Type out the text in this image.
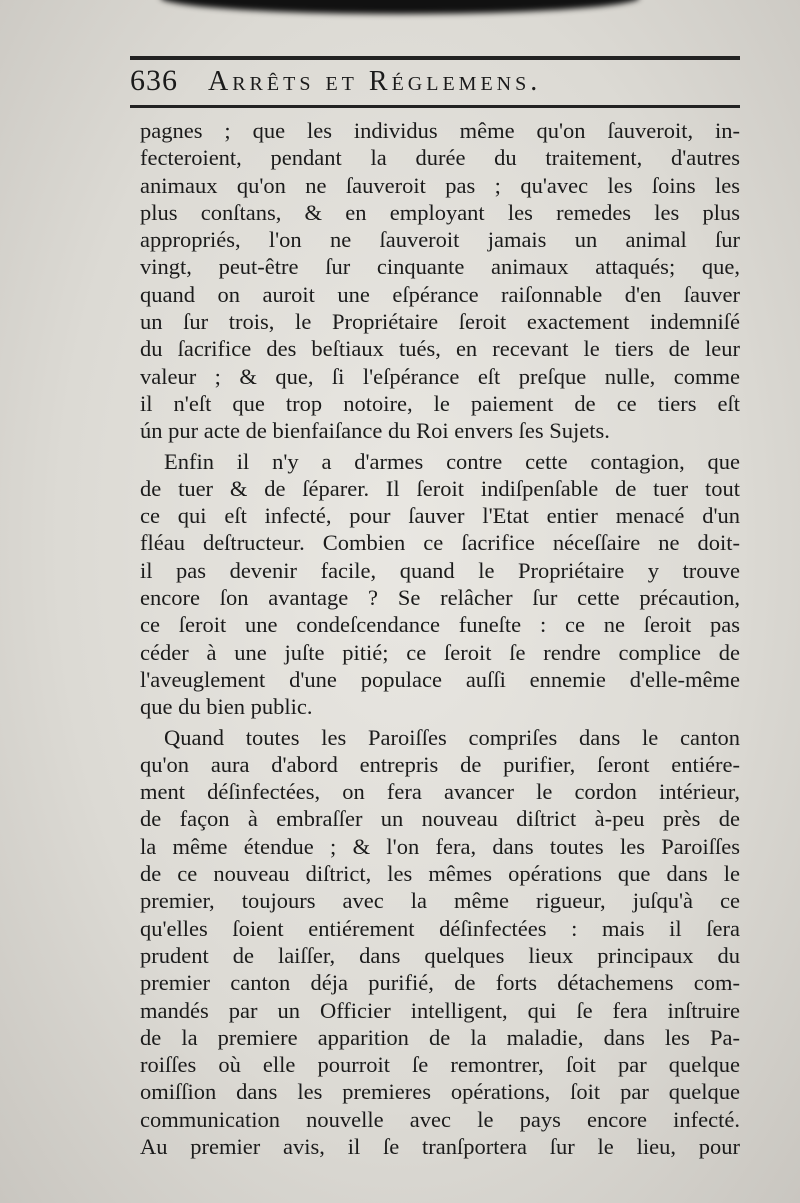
636 Arrêts et Réglemens.
pagnes ; que les individus même qu'on ſauveroit, in-
fecteroient, pendant la durée du traitement, d'autres
animaux qu'on ne ſauveroit pas ; qu'avec les ſoins les
plus conſtans, & en employant les remedes les plus
appropriés, l'on ne ſauveroit jamais un animal ſur
vingt, peut-être ſur cinquante animaux attaqués; que,
quand on auroit une eſpérance raiſonnable d'en ſauver
un ſur trois, le Propriétaire ſeroit exactement indemniſé
du ſacrifice des beſtiaux tués, en recevant le tiers de leur
valeur ; & que, ſi l'eſpérance eſt preſque nulle, comme
il n'eſt que trop notoire, le paiement de ce tiers eſt
ún pur acte de bienfaiſance du Roi envers ſes Sujets.
Enfin il n'y a d'armes contre cette contagion, que
de tuer & de ſéparer. Il ſeroit indiſpenſable de tuer tout
ce qui eſt infecté, pour ſauver l'Etat entier menacé d'un
fléau deſtructeur. Combien ce ſacrifice néceſſaire ne doit-
il pas devenir facile, quand le Propriétaire y trouve
encore ſon avantage ? Se relâcher ſur cette précaution,
ce ſeroit une condeſcendance funeſte : ce ne ſeroit pas
céder à une juſte pitié; ce ſeroit ſe rendre complice de
l'aveuglement d'une populace auſſi ennemie d'elle-même
que du bien public.
Quand toutes les Paroiſſes compriſes dans le canton
qu'on aura d'abord entrepris de purifier, ſeront entiére-
ment déſinfectées, on fera avancer le cordon intérieur,
de façon à embraſſer un nouveau diſtrict à-peu près de
la même étendue ; & l'on fera, dans toutes les Paroiſſes
de ce nouveau diſtrict, les mêmes opérations que dans le
premier, toujours avec la même rigueur, juſqu'à ce
qu'elles ſoient entiérement déſinfectées : mais il ſera
prudent de laiſſer, dans quelques lieux principaux du
premier canton déja purifié, de forts détachemens com-
mandés par un Officier intelligent, qui ſe fera inſtruire
de la premiere apparition de la maladie, dans les Pa-
roiſſes où elle pourroit ſe remontrer, ſoit par quelque
omiſſion dans les premieres opérations, ſoit par quelque
communication nouvelle avec le pays encore infecté.
Au premier avis, il ſe tranſportera ſur le lieu, pour
